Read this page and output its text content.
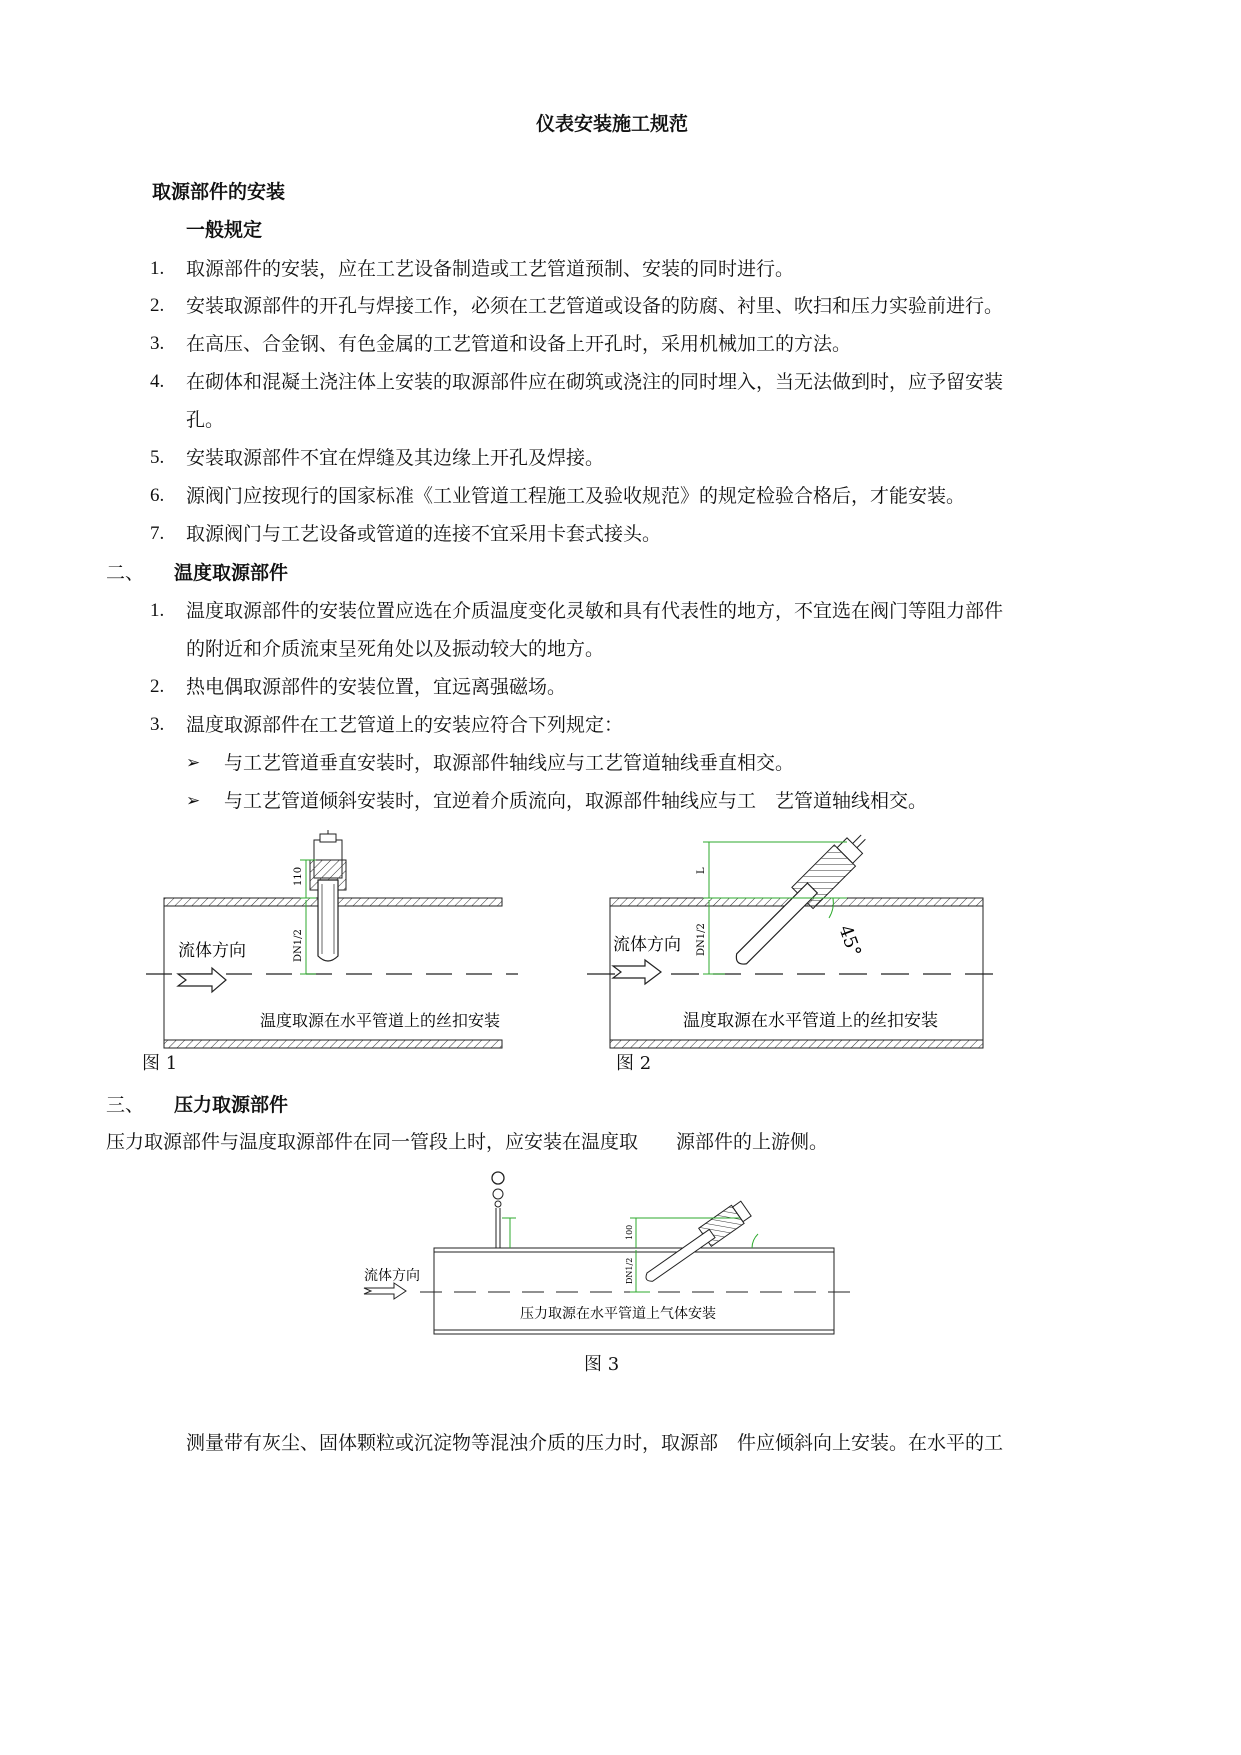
仪表安装施工规范
取源部件的安装
一般规定
1. 取源部件的安装，应在工艺设备制造或工艺管道预制、安装的同时进行。
2. 安装取源部件的开孔与焊接工作，必须在工艺管道或设备的防腐、衬里、吹扫和压力实验前进行。
3. 在高压、合金钢、有色金属的工艺管道和设备上开孔时，采用机械加工的方法。
4. 在砌体和混凝土浇注体上安装的取源部件应在砌筑或浇注的同时埋入，当无法做到时，应予留安装
孔。
5. 安装取源部件不宜在焊缝及其边缘上开孔及焊接。
6. 源阀门应按现行的国家标准《工业管道工程施工及验收规范》的规定检验合格后，才能安装。
7. 取源阀门与工艺设备或管道的连接不宜采用卡套式接头。
二、 温度取源部件
1. 温度取源部件的安装位置应选在介质温度变化灵敏和具有代表性的地方，不宜选在阀门等阻力部件
的附近和介质流束呈死角处以及振动较大的地方。
2. 热电偶取源部件的安装位置，宜远离强磁场。
3. 温度取源部件在工艺管道上的安装应符合下列规定：
➢ 与工艺管道垂直安装时，取源部件轴线应与工艺管道轴线垂直相交。
➢ 与工艺管道倾斜安装时，宜逆着介质流向，取源部件轴线应与工　艺管道轴线相交。
110
DN1/2
流体方向
温度取源在水平管道上的丝扣安装
图 1
L
DN1/2	45°
流体方向
温度取源在水平管道上的丝扣安装
图 2
三、 压力取源部件
压力取源部件与温度取源部件在同一管段上时，应安装在温度取　　源部件的上游侧。
100
DN1/2
流体方向
压力取源在水平管道上气体安装
图 3
测量带有灰尘、固体颗粒或沉淀物等混浊介质的压力时，取源部　件应倾斜向上安装。在水平的工
